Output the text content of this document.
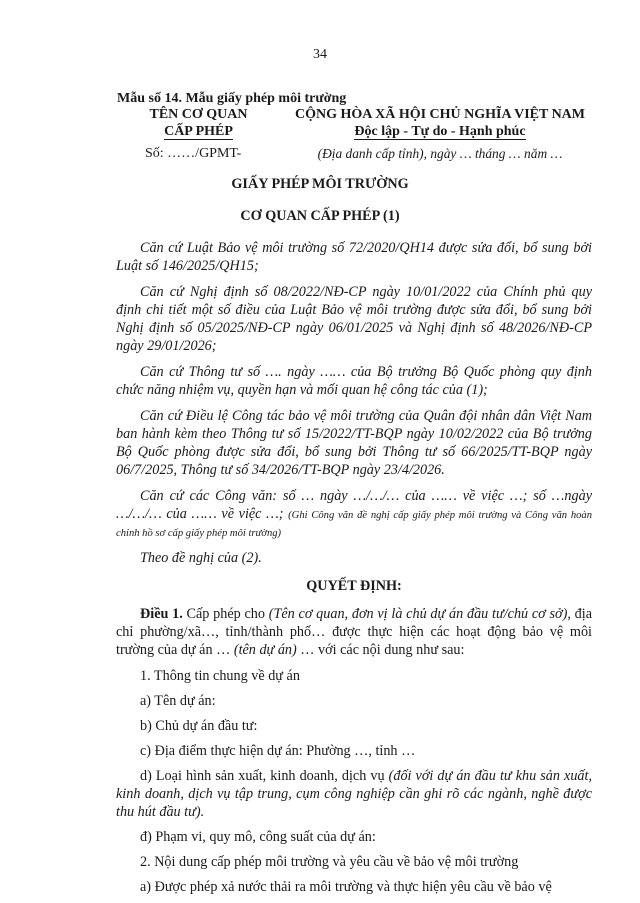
34
Mẫu số 14. Mẫu giấy phép môi trường
TÊN CƠ QUAN
CẤP PHÉP
CỘNG HÒA XÃ HỘI CHỦ NGHĨA VIỆT NAM
Độc lập - Tự do - Hạnh phúc
Số: ……/GPMT-	(Địa danh cấp tỉnh), ngày … tháng … năm …
GIẤY PHÉP MÔI TRƯỜNG
CƠ QUAN CẤP PHÉP (1)

Căn cứ Luật Bảo vệ môi trường số 72/2020/QH14 được sửa đổi, bổ sung bởi Luật số 146/2025/QH15;

Căn cứ Nghị định số 08/2022/NĐ-CP ngày 10/01/2022 của Chính phủ quy định chi tiết một số điều của Luật Bảo vệ môi trường được sửa đổi, bổ sung bởi Nghị định số 05/2025/NĐ-CP ngày 06/01/2025 và Nghị định số 48/2026/NĐ-CP ngày 29/01/2026;

Căn cứ Thông tư số …. ngày …… của Bộ trưởng Bộ Quốc phòng quy định chức năng nhiệm vụ, quyền hạn và mối quan hệ công tác của (1);

Căn cứ Điều lệ Công tác bảo vệ môi trường của Quân đội nhân dân Việt Nam ban hành kèm theo Thông tư số 15/2022/TT-BQP ngày 10/02/2022 của Bộ trưởng Bộ Quốc phòng được sửa đổi, bổ sung bởi Thông tư số 66/2025/TT-BQP ngày 06/7/2025, Thông tư số 34/2026/TT-BQP ngày 23/4/2026.

Căn cứ các Công văn: số … ngày …/…/… của …… về việc …; số …ngày …/…/… của …… về việc …; (Ghi Công văn đề nghị cấp giấy phép môi trường và Công văn hoàn chỉnh hồ sơ cấp giấy phép môi trường)

Theo đề nghị của (2).

QUYẾT ĐỊNH:

Điều 1. Cấp phép cho (Tên cơ quan, đơn vị là chủ dự án đầu tư/chủ cơ sở), địa chỉ phường/xã…, tỉnh/thành phố… được thực hiện các hoạt động bảo vệ môi trường của dự án … (tên dự án) … với các nội dung như sau:

1. Thông tin chung về dự án

a) Tên dự án:

b) Chủ dự án đầu tư:

c) Địa điểm thực hiện dự án: Phường …, tỉnh …

d) Loại hình sản xuất, kinh doanh, dịch vụ (đối với dự án đầu tư khu sản xuất, kinh doanh, dịch vụ tập trung, cụm công nghiệp cần ghi rõ các ngành, nghề được thu hút đầu tư).

đ) Phạm vi, quy mô, công suất của dự án:

2. Nội dung cấp phép môi trường và yêu cầu về bảo vệ môi trường

a) Được phép xả nước thải ra môi trường và thực hiện yêu cầu về bảo vệ
